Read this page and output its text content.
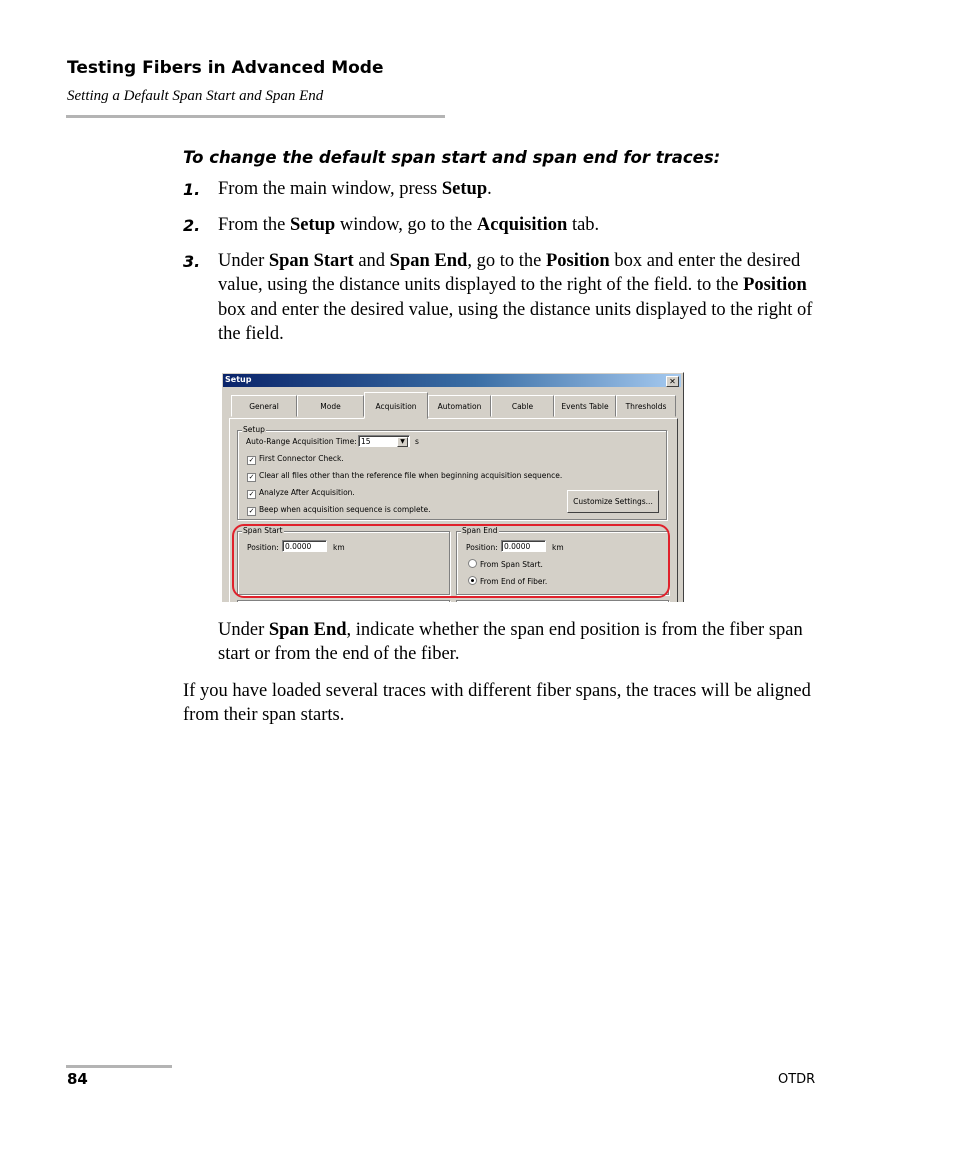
Testing Fibers in Advanced Mode
Setting a Default Span Start and Span End
To change the default span start and span end for traces:
1. From the main window, press Setup.
2. From the Setup window, go to the Acquisition tab.
3. Under Span Start and Span End, go to the Position box and enter the desired value, using the distance units displayed to the right of the field. to the Position box and enter the desired value, using the distance units displayed to the right of the field.
Setup	✕
General	Mode	Acquisition	Automation	Cable	Events Table	Thresholds
Setup
Auto-Range Acquisition Time: 15	▼	s
✓ First Connector Check.
✓ Clear all files other than the reference file when beginning acquisition sequence.
✓ Analyze After Acquisition.
✓ Beep when acquisition sequence is complete.
Customize Settings...
Span Start
Position: 0.0000	km
Span End
Position: 0.0000	km
From Span Start.
From End of Fiber.
Under Span End, indicate whether the span end position is from the fiber span start or from the end of the fiber.
If you have loaded several traces with different fiber spans, the traces will be aligned from their span starts.
84	OTDR
